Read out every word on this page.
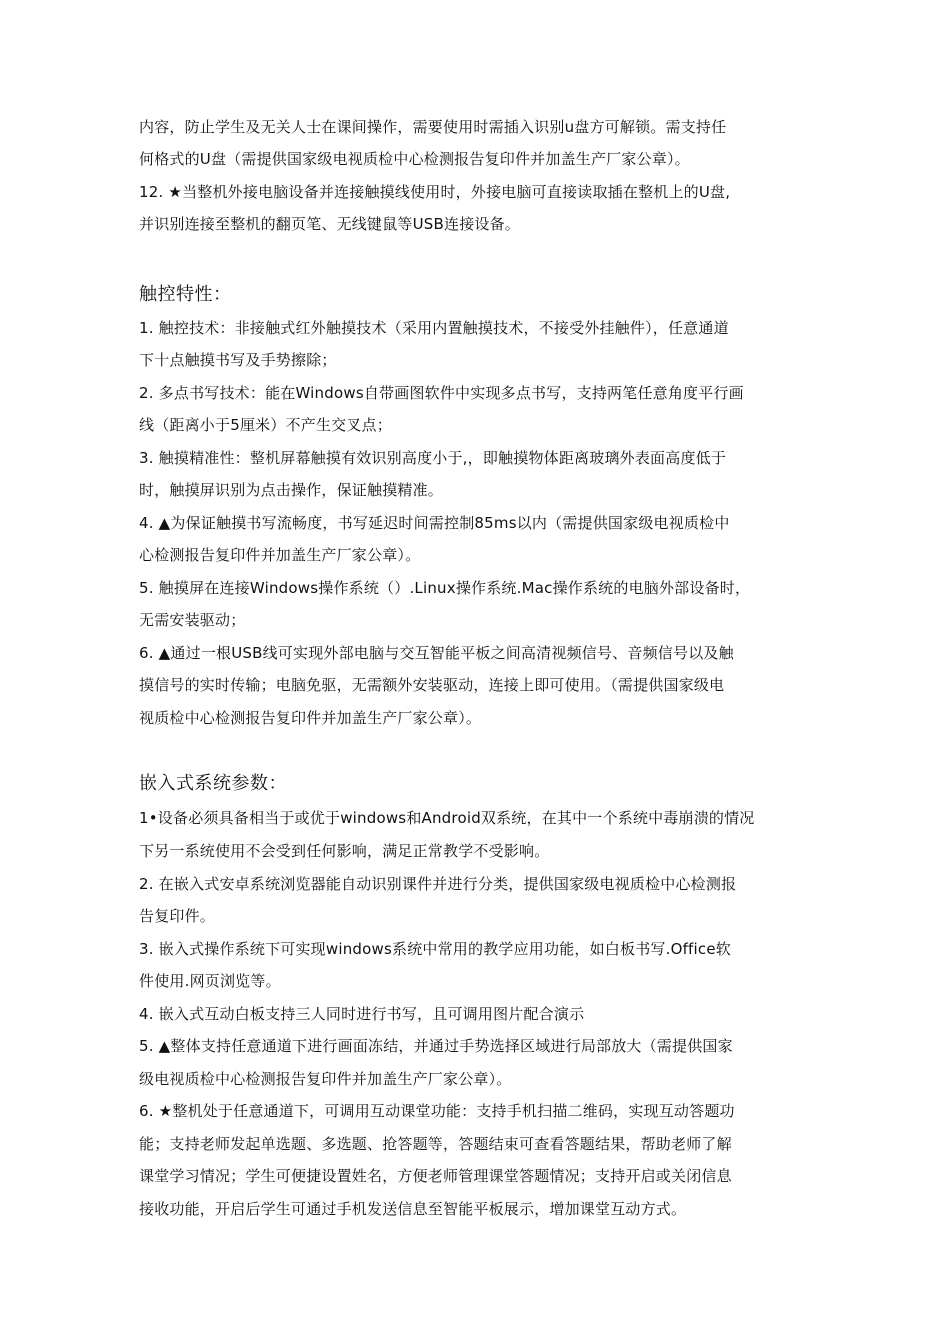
内容，防止学生及无关人士在课间操作，需要使用时需插入识别u盘方可解锁。需支持任
何格式的U盘（需提供国家级电视质检中心检测报告复印件并加盖生产厂家公章）。
12. ★当整机外接电脑设备并连接触摸线使用时，外接电脑可直接读取插在整机上的U盘,
并识别连接至整机的翻页笔、无线键鼠等USB连接设备。
触控特性：
1. 触控技术：非接触式红外触摸技术（采用内置触摸技术，不接受外挂触件），任意通道
下十点触摸书写及手势擦除；
2. 多点书写技术：能在Windows自带画图软件中实现多点书写，支持两笔任意角度平行画
线（距离小于5厘米）不产生交叉点；
3. 触摸精准性：整机屏幕触摸有效识别高度小于,，即触摸物体距离玻璃外表面高度低于
时，触摸屏识别为点击操作，保证触摸精准。
4. ▲为保证触摸书写流畅度，书写延迟时间需控制85ms以内（需提供国家级电视质检中
心检测报告复印件并加盖生产厂家公章）。
5. 触摸屏在连接Windows操作系统（）.Linux操作系统.Mac操作系统的电脑外部设备时，
无需安装驱动；
6. ▲通过一根USB线可实现外部电脑与交互智能平板之间高清视频信号、音频信号以及触
摸信号的实时传输；电脑免驱，无需额外安装驱动，连接上即可使用。（需提供国家级电
视质检中心检测报告复印件并加盖生产厂家公章）。
嵌入式系统参数：
1•设备必须具备相当于或优于windows和Android双系统，在其中一个系统中毒崩溃的情况
下另一系统使用不会受到任何影响，满足正常教学不受影响。
2. 在嵌入式安卓系统浏览器能自动识别课件并进行分类，提供国家级电视质检中心检测报
告复印件。
3. 嵌入式操作系统下可实现windows系统中常用的教学应用功能，如白板书写.Office软
件使用.网页浏览等。
4. 嵌入式互动白板支持三人同时进行书写，且可调用图片配合演示
5. ▲整体支持任意通道下进行画面冻结，并通过手势选择区域进行局部放大（需提供国家
级电视质检中心检测报告复印件并加盖生产厂家公章）。
6. ★整机处于任意通道下，可调用互动课堂功能：支持手机扫描二维码，实现互动答题功
能；支持老师发起单选题、多选题、抢答题等，答题结束可查看答题结果，帮助老师了解
课堂学习情况；学生可便捷设置姓名，方便老师管理课堂答题情况；支持开启或关闭信息
接收功能，开启后学生可通过手机发送信息至智能平板展示，增加课堂互动方式。
